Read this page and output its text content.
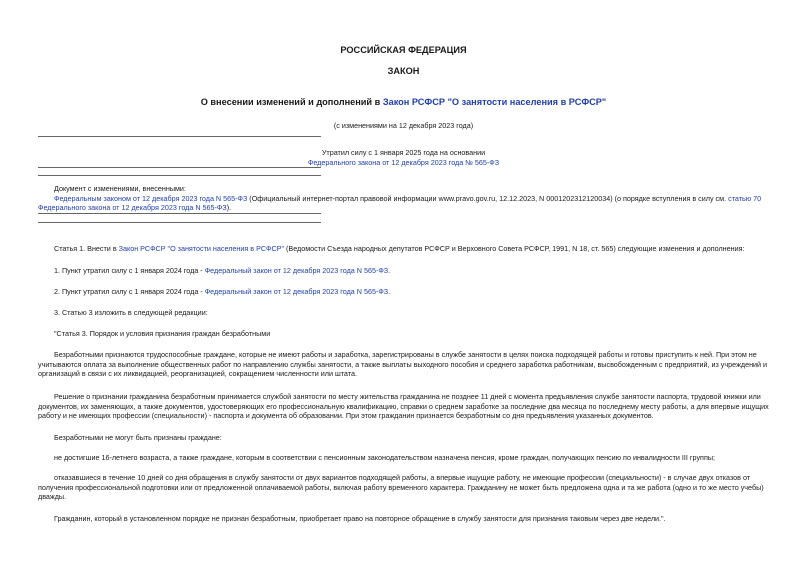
РОССИЙСКАЯ ФЕДЕРАЦИЯ
ЗАКОН
О внесении изменений и дополнений в Закон РСФСР "О занятости населения в РСФСР"
(с изменениями на 12 декабря 2023 года)
Утратил силу с 1 января 2025 года на основании
Федерального закона от 12 декабря 2023 года № 565-ФЗ
Документ с изменениями, внесенными:
Федеральным законом от 12 декабря 2023 года N 565-ФЗ (Официальный интернет-портал правовой информации www.pravo.gov.ru, 12.12.2023, N 0001202312120034) (о порядке вступления в силу см. статью 70 Федерального закона от 12 декабря 2023 года N 565-ФЗ).
Статья 1. Внести в Закон РСФСР "О занятости населения в РСФСР" (Ведомости Съезда народных депутатов РСФСР и Верховного Совета РСФСР, 1991, N 18, ст. 565) следующие изменения и дополнения:
1. Пункт утратил силу с 1 января 2024 года - Федеральный закон от 12 декабря 2023 года N 565-ФЗ.
2. Пункт утратил силу с 1 января 2024 года - Федеральный закон от 12 декабря 2023 года N 565-ФЗ.
3. Статью 3 изложить в следующей редакции:
"Статья 3. Порядок и условия признания граждан безработными
Безработными признаются трудоспособные граждане, которые не имеют работы и заработка, зарегистрированы в службе занятости в целях поиска подходящей работы и готовы приступить к ней. При этом не учитываются оплата за выполнение общественных работ по направлению службы занятости, а также выплаты выходного пособия и среднего заработка работникам, высвобожденным с предприятий, из учреждений и организаций в связи с их ликвидацией, реорганизацией, сокращением численности или штата.
Решение о признании гражданина безработным принимается службой занятости по месту жительства гражданина не позднее 11 дней с момента предъявления службе занятости паспорта, трудовой книжки или документов, их заменяющих, а также документов, удостоверяющих его профессиональную квалификацию, справки о среднем заработке за последние два месяца по последнему месту работы, а для впервые ищущих работу и не имеющих профессии (специальности) - паспорта и документа об образовании. При этом гражданин признается безработным со дня предъявления указанных документов.
Безработными не могут быть признаны граждане:
не достигшие 16-летнего возраста, а также граждане, которым в соответствии с пенсионным законодательством назначена пенсия, кроме граждан, получающих пенсию по инвалидности III группы;
отказавшиеся в течение 10 дней со дня обращения в службу занятости от двух вариантов подходящей работы, а впервые ищущие работу, не имеющие профессии (специальности) - в случае двух отказов от получения профессиональной подготовки или от предложенной оплачиваемой работы, включая работу временного характера. Гражданину не может быть предложена одна и та же работа (одно и то же место учебы) дважды.
Гражданин, который в установленном порядке не признан безработным, приобретает право на повторное обращение в службу занятости для признания таковым через две недели.".
